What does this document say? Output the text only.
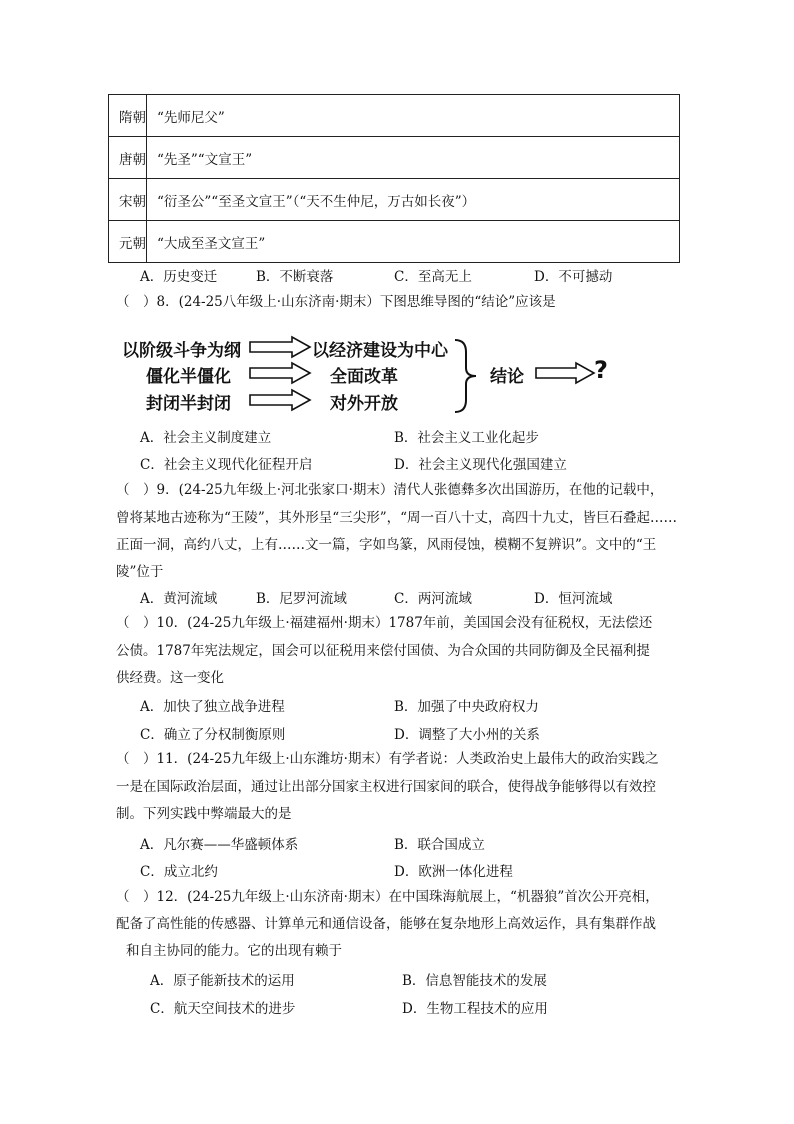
隋朝	“先师尼父”
唐朝	“先圣”“文宣王”
宋朝	“衍圣公”“至圣文宣王”（“天不生仲尼，万古如长夜”）
元朝	“大成至圣文宣王”
A．历史变迁	B．不断衰落	C．至高无上	D．不可撼动
（　）8．(24-25八年级上·山东济南·期末）下图思维导图的“结论”应该是
以阶级斗争为纲
僵化半僵化
封闭半封闭
以经济建设为中心
全面改革
对外开放
结论	?
A．社会主义制度建立	B．社会主义工业化起步
C．社会主义现代化征程开启	D．社会主义现代化强国建立
（　）9．(24-25九年级上·河北张家口·期末）清代人张德彝多次出国游历，在他的记载中，
曾将某地古迹称为“王陵”，其外形呈“三尖形”，“周一百八十丈，高四十九丈，皆巨石叠起……
正面一洞，高约八丈，上有……文一篇，字如鸟篆，风雨侵蚀，模糊不复辨识”。文中的“王
陵”位于
A．黄河流域	B．尼罗河流域	C．两河流域	D．恒河流域
（　）10．(24-25九年级上·福建福州·期末）1787年前，美国国会没有征税权，无法偿还
公债。1787年宪法规定，国会可以征税用来偿付国债、为合众国的共同防御及全民福利提
供经费。这一变化
A．加快了独立战争进程	B．加强了中央政府权力
C．确立了分权制衡原则	D．调整了大小州的关系
（　）11．(24-25九年级上·山东潍坊·期末）有学者说：人类政治史上最伟大的政治实践之
一是在国际政治层面，通过让出部分国家主权进行国家间的联合，使得战争能够得以有效控
制。下列实践中弊端最大的是
A．凡尔赛——华盛顿体系	B．联合国成立
C．成立北约	D．欧洲一体化进程
（　）12．(24-25九年级上·山东济南·期末）在中国珠海航展上，“机器狼”首次公开亮相，
配备了高性能的传感器、计算单元和通信设备，能够在复杂地形上高效运作，具有集群作战
和自主协同的能力。它的出现有赖于
A．原子能新技术的运用	B．信息智能技术的发展
C．航天空间技术的进步	D．生物工程技术的应用
